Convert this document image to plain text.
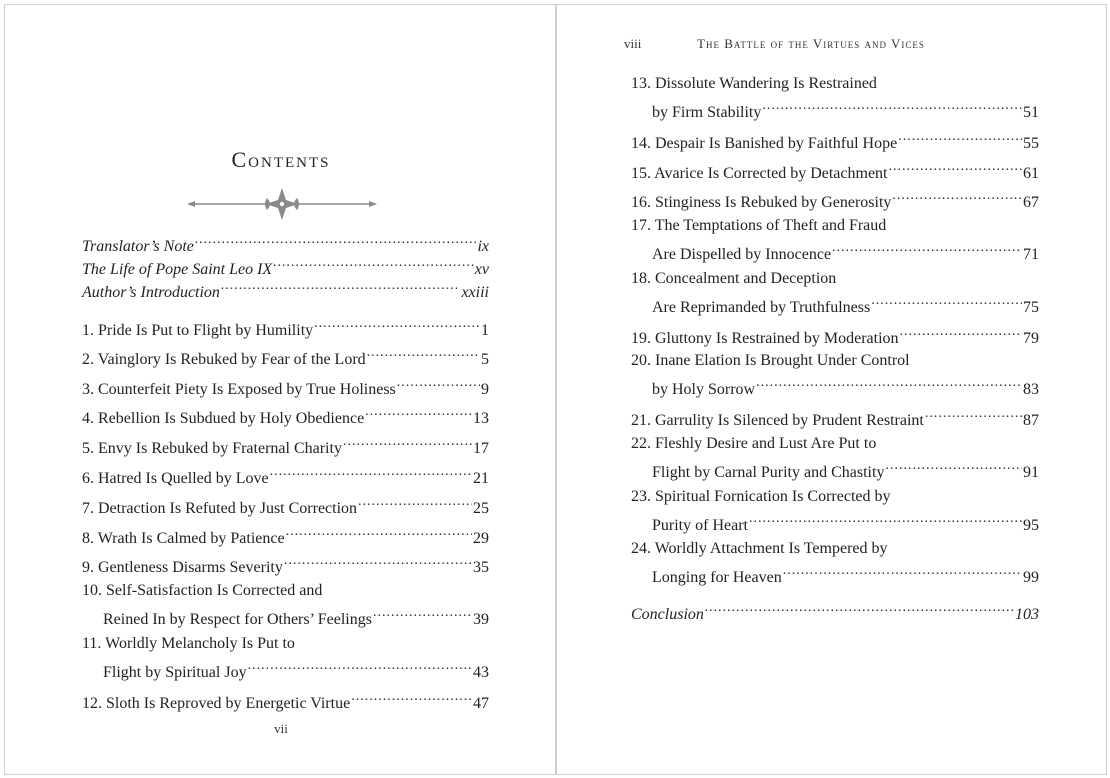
Contents
Translator’s Note .....	ix
The Life of Pope Saint Leo IX .....	xv
Author’s Introduction .....	xxiii
1. Pride Is Put to Flight by Humility .....	1
2. Vainglory Is Rebuked by Fear of the Lord .....	5
3. Counterfeit Piety Is Exposed by True Holiness .....	9
4. Rebellion Is Subdued by Holy Obedience .....	13
5. Envy Is Rebuked by Fraternal Charity .....	17
6. Hatred Is Quelled by Love .....	21
7. Detraction Is Refuted by Just Correction .....	25
8. Wrath Is Calmed by Patience .....	29
9. Gentleness Disarms Severity .....	35
10. Self-Satisfaction Is Corrected and
Reined In by Respect for Others’ Feelings .....	39
11. Worldly Melancholy Is Put to
Flight by Spiritual Joy .....	43
12. Sloth Is Reproved by Energetic Virtue .....	47
vii
viii	The Battle of the Virtues and Vices
13. Dissolute Wandering Is Restrained
by Firm Stability .....	51
14. Despair Is Banished by Faithful Hope .....	55
15. Avarice Is Corrected by Detachment .....	61
16. Stinginess Is Rebuked by Generosity .....	67
17. The Temptations of Theft and Fraud
Are Dispelled by Innocence .....	71
18. Concealment and Deception
Are Reprimanded by Truthfulness .....	75
19. Gluttony Is Restrained by Moderation .....	79
20. Inane Elation Is Brought Under Control
by Holy Sorrow .....	83
21. Garrulity Is Silenced by Prudent Restraint .....	87
22. Fleshly Desire and Lust Are Put to
Flight by Carnal Purity and Chastity .....	91
23. Spiritual Fornication Is Corrected by
Purity of Heart .....	95
24. Worldly Attachment Is Tempered by
Longing for Heaven .....	99
Conclusion .....	103
